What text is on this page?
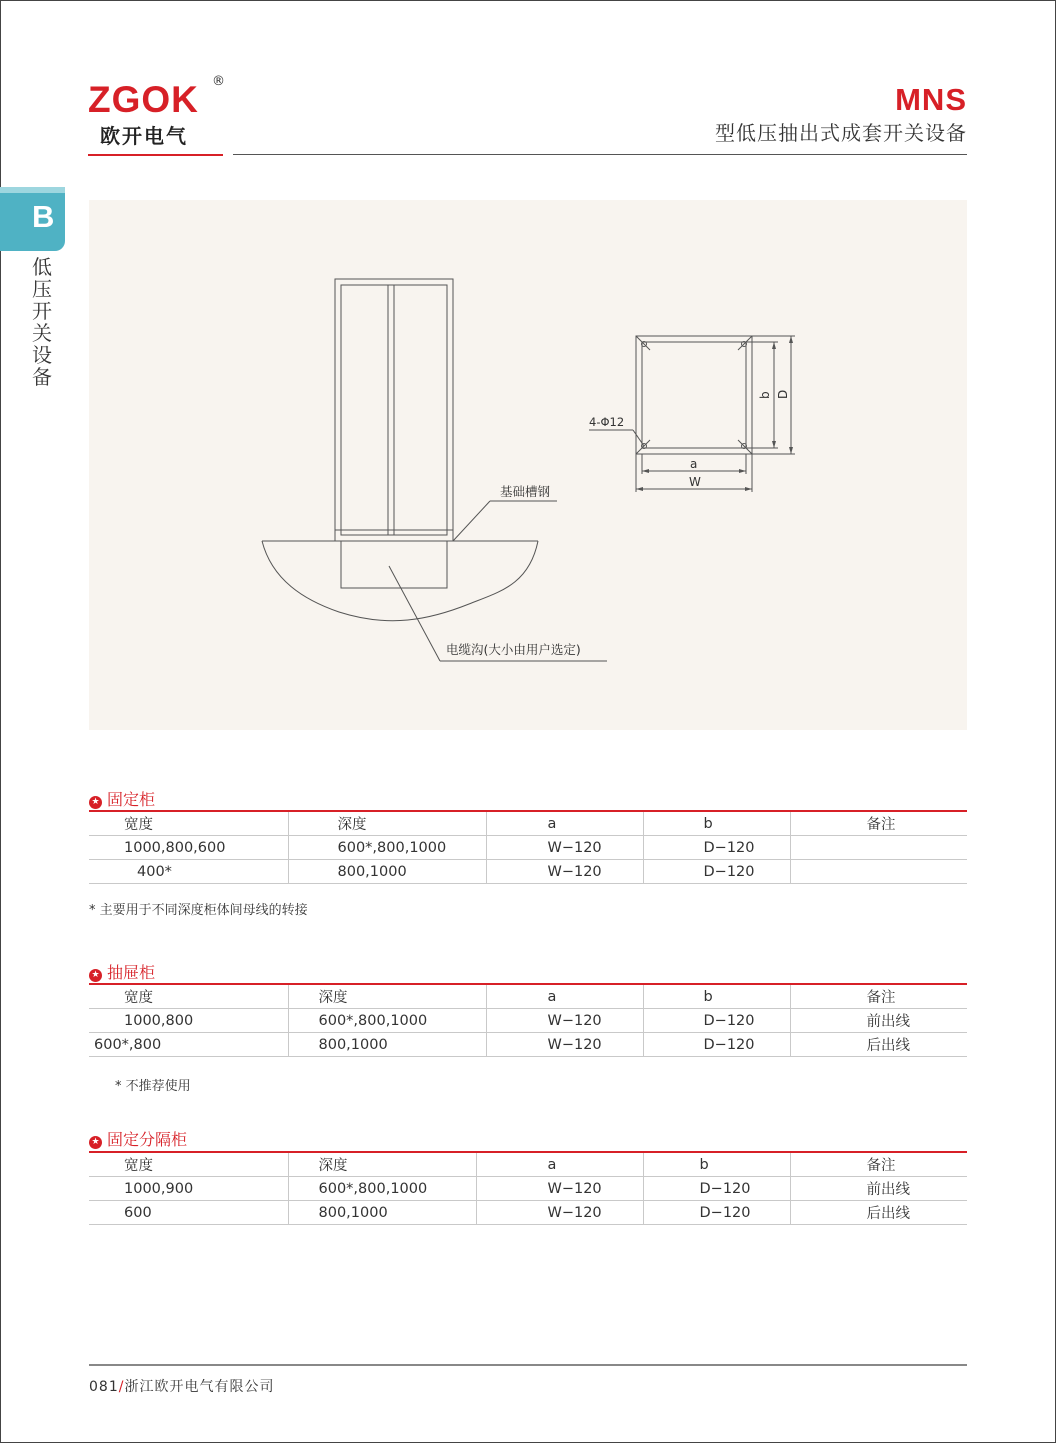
ZGOK ®
欧开电气
MNS
型低压抽出式成套开关设备
B
低压开关设备
基础槽钢
电缆沟(大小由用户选定)
4-Φ12
a
W
b D
★ 固定柜
宽度	深度	a	b	备注
1000,800,600	600*,800,1000	W−120	D−120	
400*	800,1000	W−120	D−120	
* 主要用于不同深度柜体间母线的转接
★ 抽屉柜
宽度	深度	a	b	备注
1000,800	600*,800,1000	W−120	D−120	前出线
600*,800	800,1000	W−120	D−120	后出线
* 不推荐使用
★ 固定分隔柜
宽度	深度	a	b	备注
1000,900	600*,800,1000	W−120	D−120	前出线
600	800,1000	W−120	D−120	后出线
081/浙江欧开电气有限公司
